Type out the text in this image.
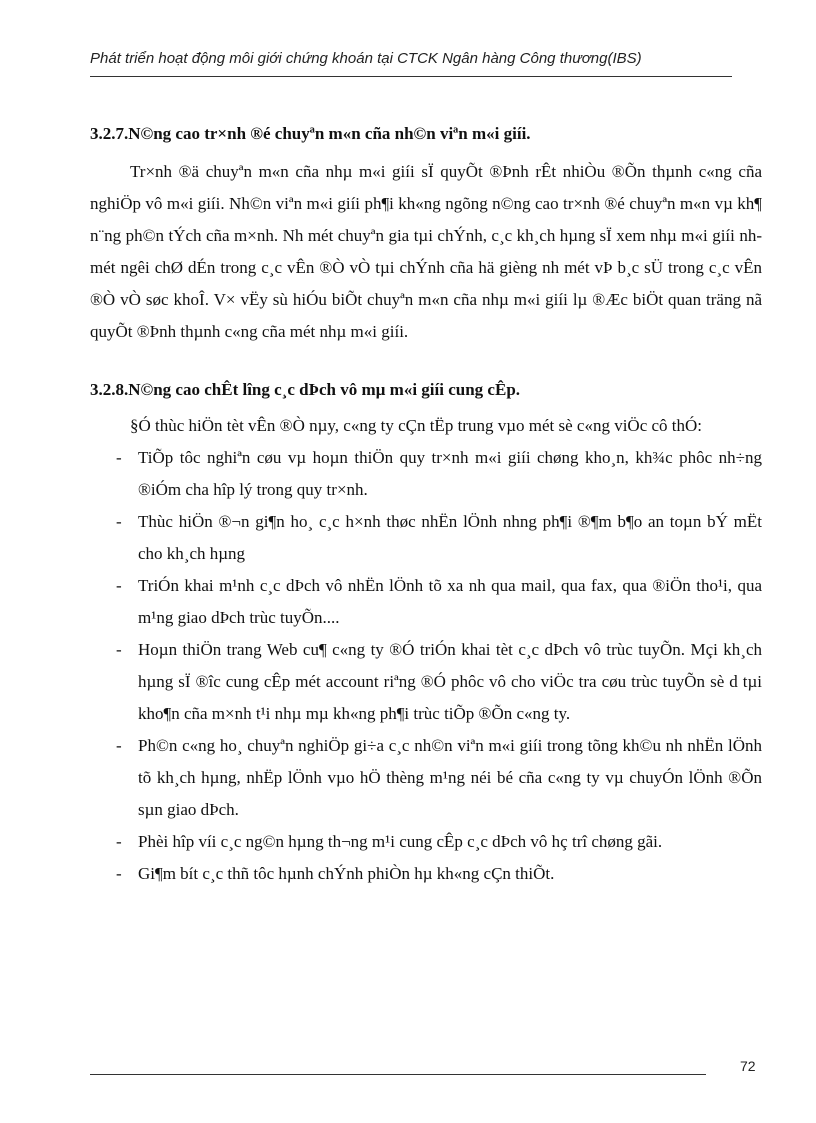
Phát triển hoạt động môi giới chứng khoán tại CTCK Ngân hàng Công thương(IBS)
3.2.7.N©ng cao tr×nh ®é chuyªn m«n cña nh©n viªn m«i giíi.

Tr×nh ®ä chuyªn m«n cña nhµ m«i giíi sÏ quyÕt ®Þnh rÊt nhiÒu ®Õn thµnh c«ng cña nghiÖp vô m«i giíi. Nh©n viªn m«i giíi ph¶i kh«ng ngõng n©ng cao tr×nh ®é chuyªn m«n vµ kh¶ n¨ng ph©n tÝch cña m×nh. Nh mét chuyªn gia tµi chÝnh, c¸c kh¸ch hµng sÏ xem nhµ m«i giíi nh mét ngêi chØ dÉn trong c¸c vÊn ®Ò vÒ tµi chÝnh cña hä gièng nh mét vÞ b¸c sÜ trong c¸c vÊn ®Ò vÒ søc khoÎ. V× vËy sù hiÓu biÕt chuyªn m«n cña nhµ m«i giíi lµ ®Æc biÖt quan träng nã quyÕt ®Þnh thµnh c«ng cña mét nhµ m«i giíi.

3.2.8.N©ng cao chÊt lîng c¸c dÞch vô mµ m«i giíi cung cÊp.

§Ó thùc hiÖn tèt vÊn ®Ò nµy, c«ng ty cÇn tËp trung vµo mét sè c«ng viÖc cô thÓ:

- TiÕp tôc nghiªn cøu vµ hoµn thiÖn quy tr×nh m«i giíi chøng kho¸n, kh¾c phôc nh÷ng ®iÓm cha hîp lý trong quy tr×nh.
- Thùc hiÖn ®¬n gi¶n ho¸ c¸c h×nh thøc nhËn lÖnh nhng ph¶i ®¶m b¶o an toµn bÝ mËt cho kh¸ch hµng
- TriÓn khai m¹nh c¸c dÞch vô nhËn lÖnh tõ xa nh qua mail, qua fax, qua ®iÖn tho¹i, qua m¹ng giao dÞch trùc tuyÕn....
- Hoµn thiÖn trang Web cu¶ c«ng ty ®Ó triÓn khai tèt c¸c dÞch vô trùc tuyÕn. Mçi kh¸ch hµng sÏ ®îc cung cÊp mét account riªng ®Ó phôc vô cho viÖc tra cøu trùc tuyÕn sè d tµi kho¶n cña m×nh t¹i nhµ mµ kh«ng ph¶i trùc tiÕp ®Õn c«ng ty.
- Ph©n c«ng ho¸ chuyªn nghiÖp gi÷a c¸c nh©n viªn m«i giíi trong tõng kh©u nh nhËn lÖnh tõ kh¸ch hµng, nhËp lÖnh vµo hÖ thèng m¹ng néi bé cña c«ng ty vµ chuyÓn lÖnh ®Õn sµn giao dÞch.
- Phèi hîp víi c¸c ng©n hµng th¬ng m¹i cung cÊp c¸c dÞch vô hç trî chøng gãi.
- Gi¶m bít c¸c thñ tôc hµnh chÝnh phiÒn hµ kh«ng cÇn thiÕt.
72
